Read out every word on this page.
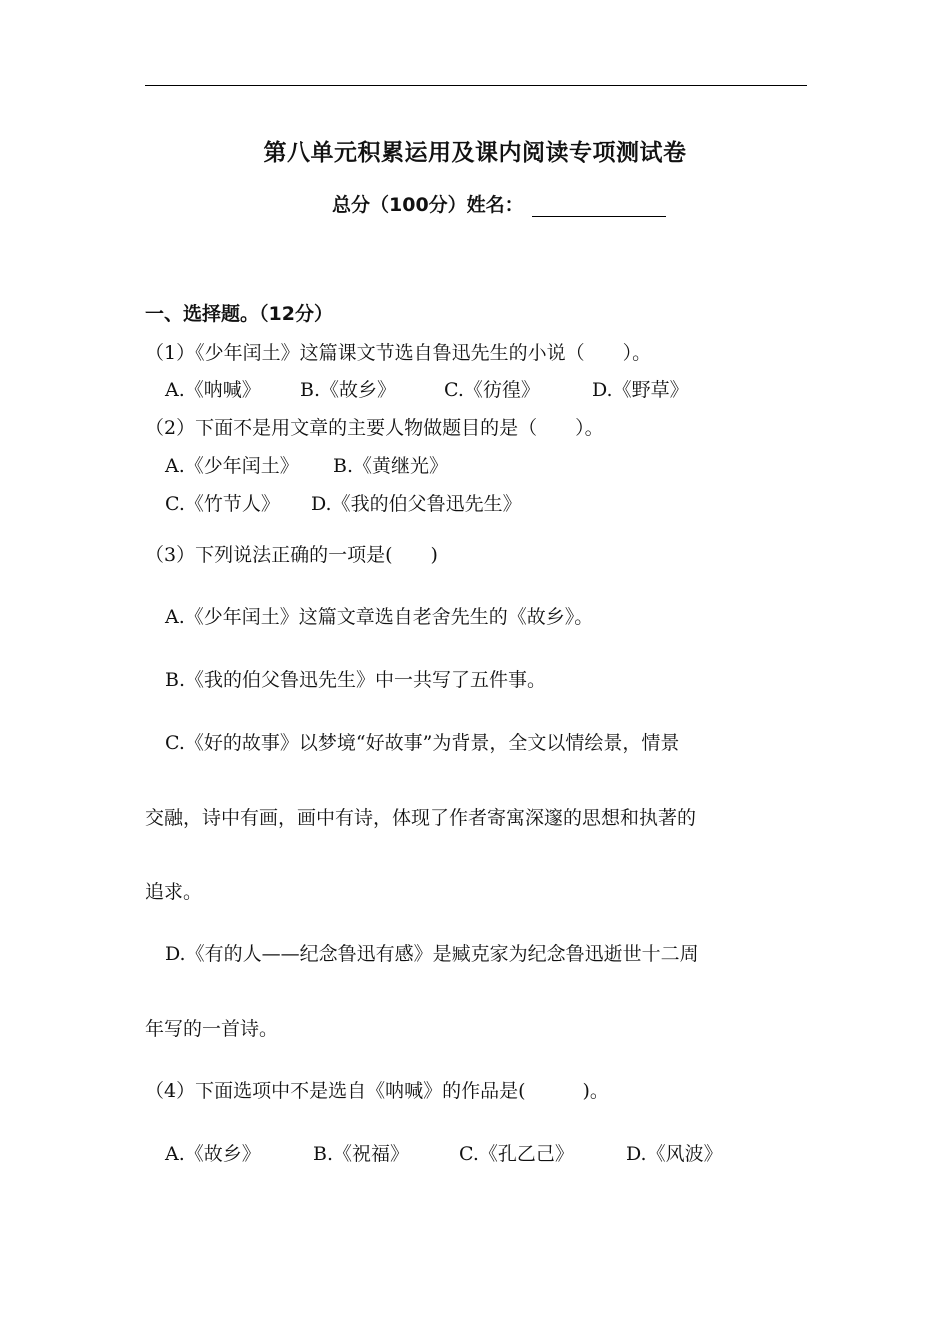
第八单元积累运用及课内阅读专项测试卷
总分（100分）姓名：
一、选择题。（12分）
（1）《少年闰土》这篇课文节选自鲁迅先生的小说（　　）。
A.《呐喊》 B.《故乡》	C.《彷徨》	D.《野草》
（2）下面不是用文章的主要人物做题目的是（　　）。
A.《少年闰土》 B.《黄继光》
C.《竹节人》 D.《我的伯父鲁迅先生》
（3）下列说法正确的一项是(　　)
A.《少年闰土》这篇文章选自老舍先生的《故乡》。
B.《我的伯父鲁迅先生》中一共写了五件事。
C.《好的故事》以梦境“好故事”为背景，全文以情绘景，情景
交融，诗中有画，画中有诗，体现了作者寄寓深邃的思想和执著的
追求。
D.《有的人——纪念鲁迅有感》是臧克家为纪念鲁迅逝世十二周
年写的一首诗。
（4）下面选项中不是选自《呐喊》的作品是(　　　)。
A.《故乡》	B.《祝福》	C.《孔乙己》	D.《风波》
